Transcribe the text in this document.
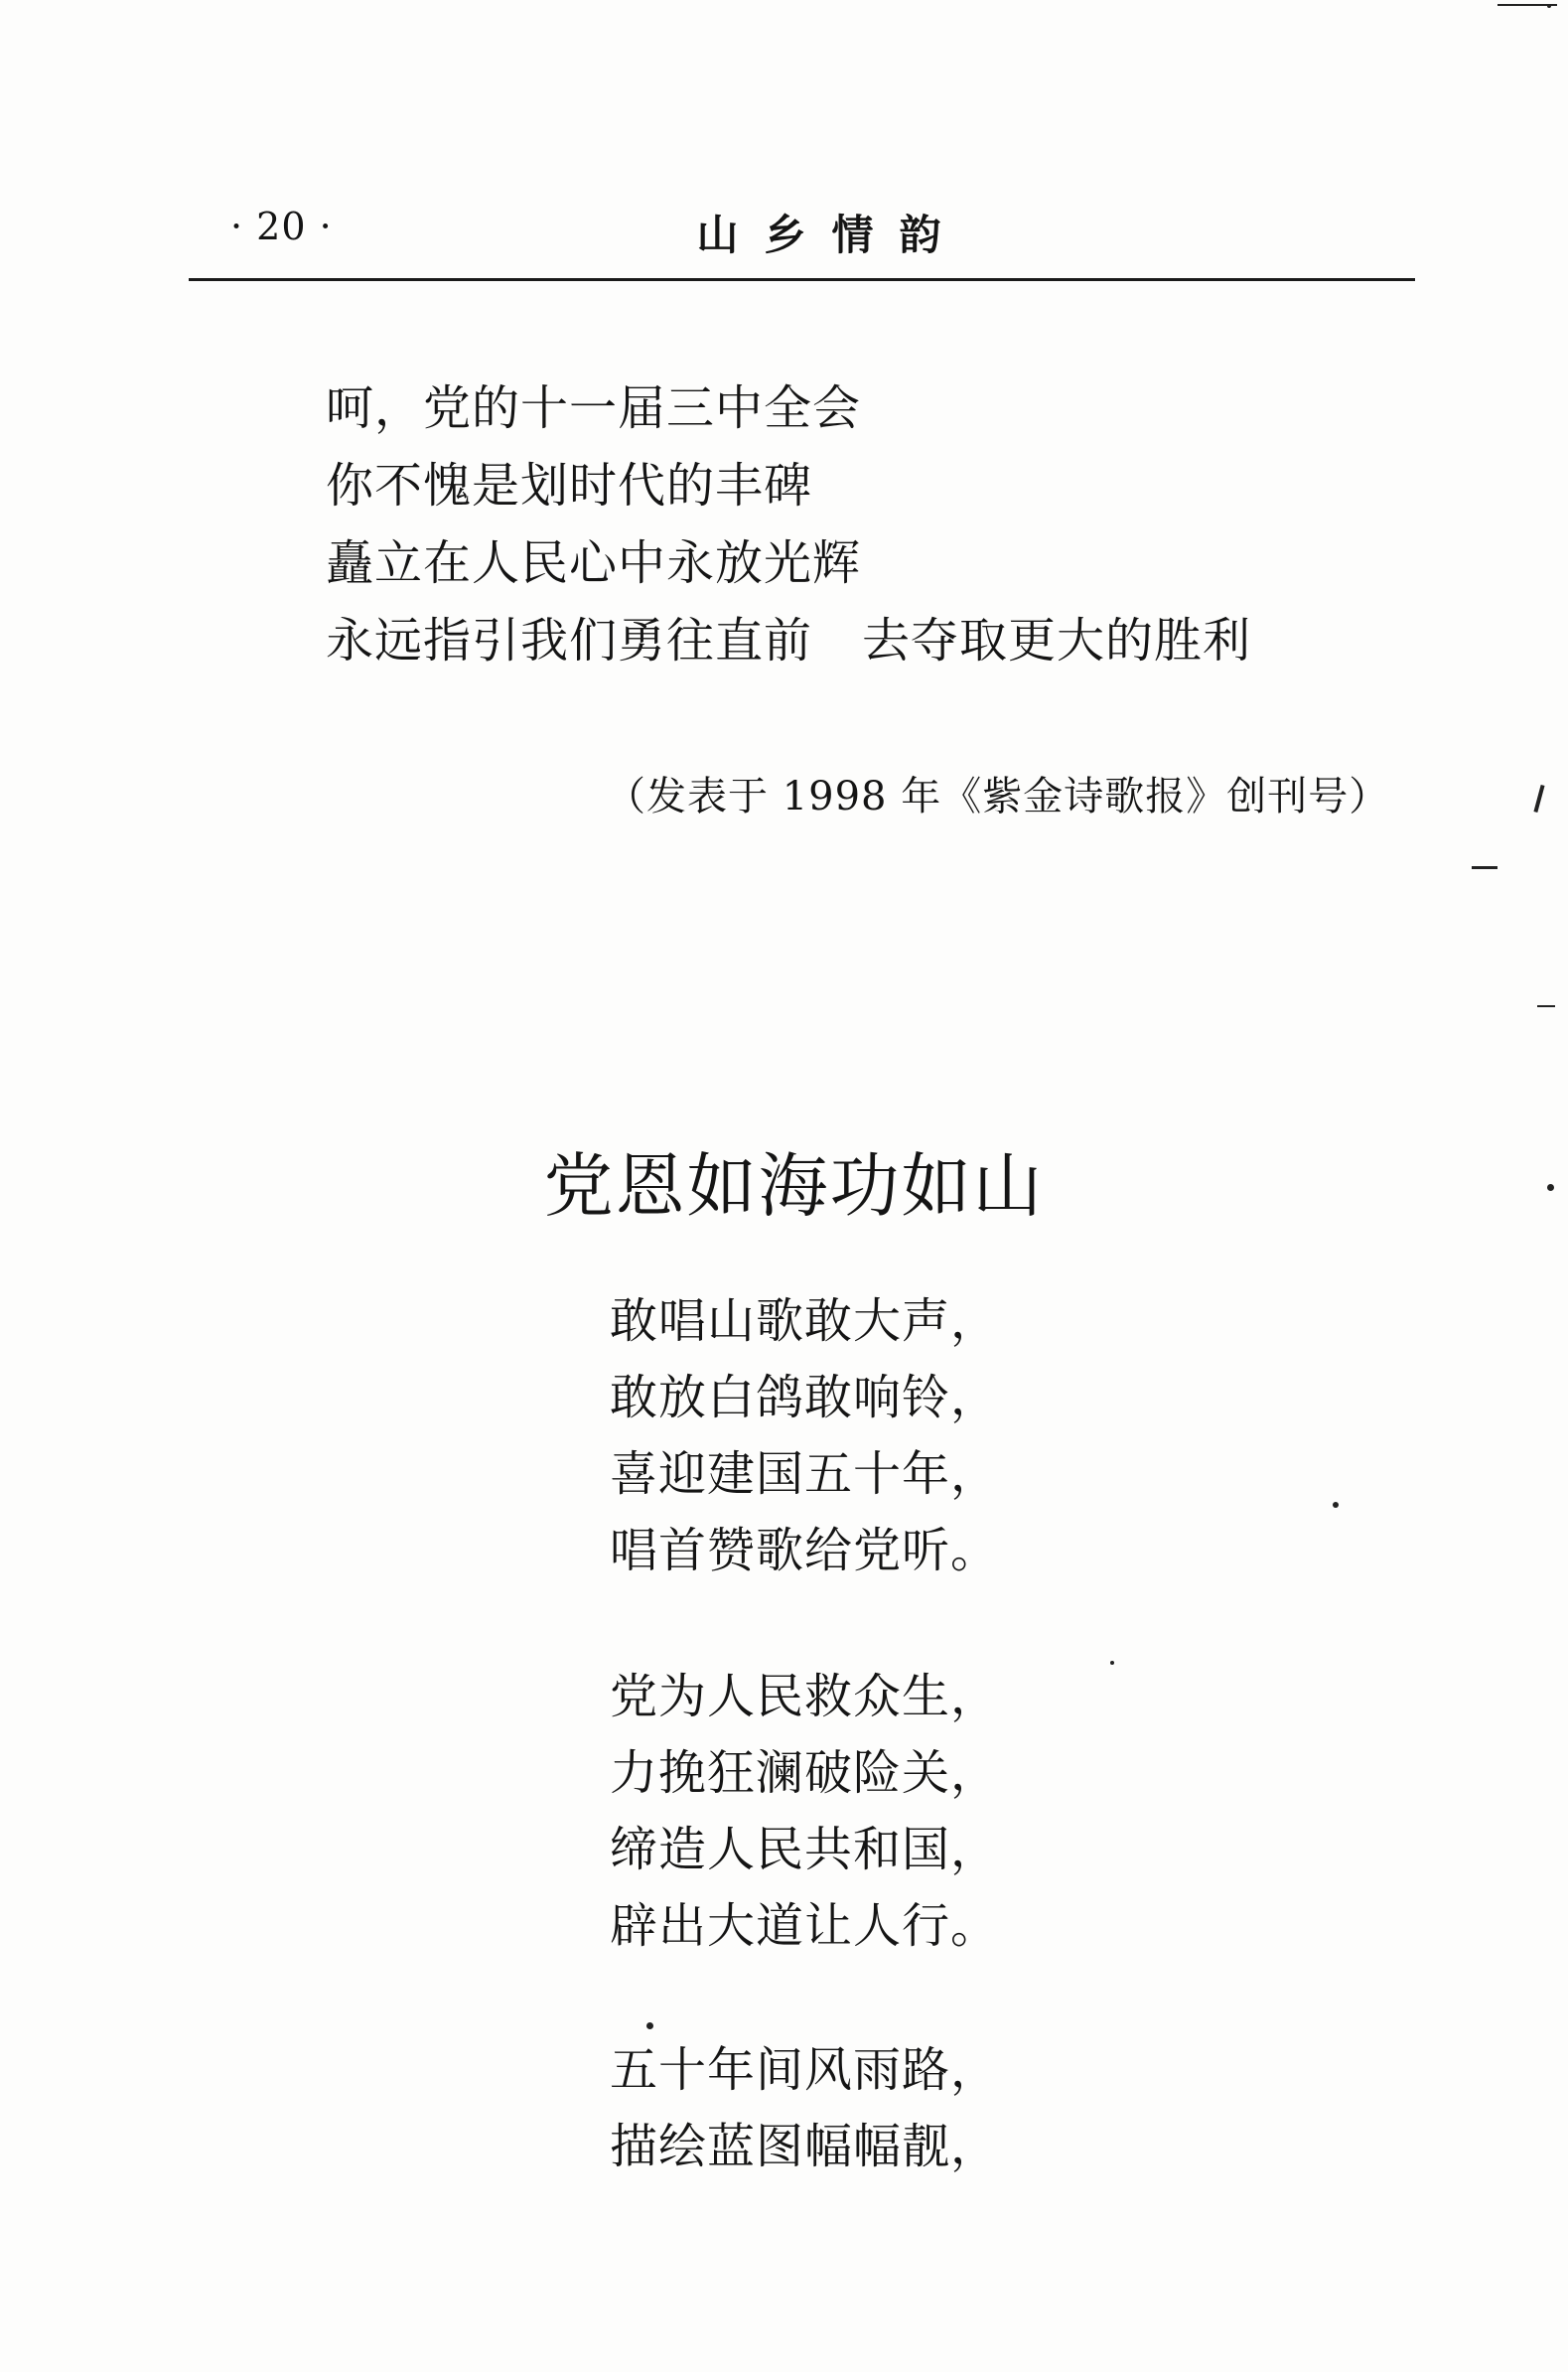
· 20 ·	山乡情韵
呵，党的十一届三中全会
你不愧是划时代的丰碑
矗立在人民心中永放光辉
永远指引我们勇往直前 去夺取更大的胜利
（发表于 1998 年《紫金诗歌报》创刊号）
党恩如海功如山
敢唱山歌敢大声，
敢放白鸽敢响铃，
喜迎建国五十年，
唱首赞歌给党听。
党为人民救众生，
力挽狂澜破险关，
缔造人民共和国，
辟出大道让人行。
五十年间风雨路，
描绘蓝图幅幅靓，
